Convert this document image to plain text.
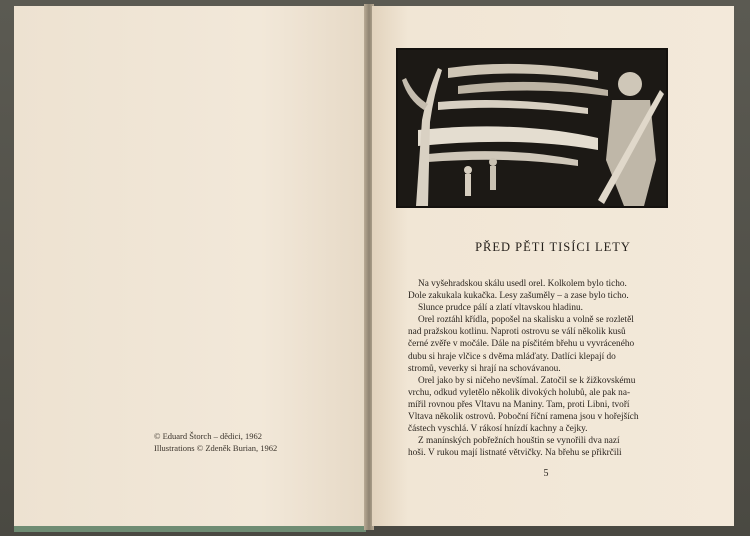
© Eduard Štorch – dědici, 1962
Illustrations © Zdeněk Burian, 1962
PŘED PĚTI TISÍCI LETY
Na vyšehradskou skálu usedl orel. Kolkolem bylo ticho.
Dole zakukala kukačka. Lesy zašuměly – a zase bylo ticho.
Slunce prudce pálí a zlatí vltavskou hladinu.
Orel roztáhl křídla, popošel na skalisku a volně se rozletěl
nad pražskou kotlinu. Naproti ostrovu se válí několik kusů
černé zvěře v močále. Dále na písčitém břehu u vyvráceného
dubu si hraje vlčice s dvěma mláďaty. Datlíci klepají do
stromů, veverky si hrají na schovávanou.
Orel jako by si ničeho nevšímal. Zatočil se k žižkovskému
vrchu, odkud vyletělo několik divokých holubů, ale pak na-
mířil rovnou přes Vltavu na Maniny. Tam, proti Libni, tvoří
Vltava několik ostrovů. Poboční říční ramena jsou v hořejších
částech vyschlá. V rákosí hnízdí kachny a čejky.
Z manínských pobřežních houštin se vynořili dva nazí
hoši. V rukou mají listnaté větvičky. Na břehu se přikrčili
5
